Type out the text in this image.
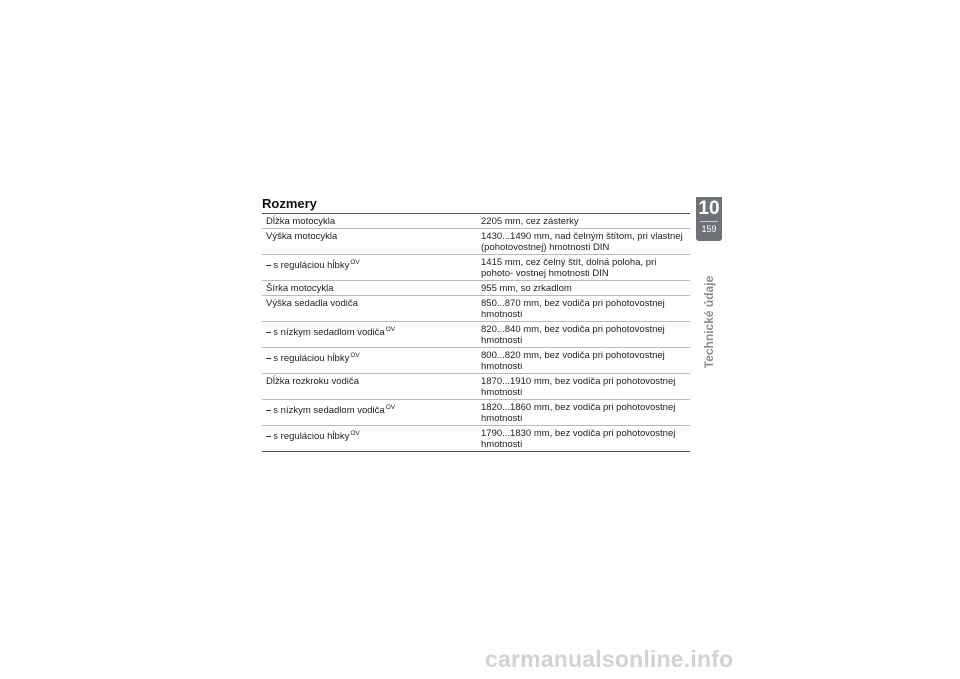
Rozmery
Dĺžka motocykla	2205 mm, cez zásterky
Výška motocykla	1430...1490 mm, nad čelným štítom, pri vlastnej (pohotovostnej) hmotnosti DIN
– s reguláciou hĺbky$^{OV}$	1415 mm, cez čelný štít, dolná poloha, pri pohoto- vostnej hmotnosti DIN
Šírka motocykla	955 mm, so zrkadlom
Výška sedadla vodiča	850...870 mm, bez vodiča pri pohotovostnej hmotnosti
– s nízkym sedadlom vodiča$^{OV}$	820...840 mm, bez vodiča pri pohotovostnej hmotnosti
– s reguláciou hĺbky$^{OV}$	800...820 mm, bez vodiča pri pohotovostnej hmotnosti
Dĺžka rozkroku vodiča	1870...1910 mm, bez vodiča pri pohotovostnej hmotnosti
– s nízkym sedadlom vodiča$^{OV}$	1820...1860 mm, bez vodiča pri pohotovostnej hmotnosti
– s reguláciou hĺbky$^{OV}$	1790...1830 mm, bez vodiča pri pohotovostnej hmotnosti
10
159
Technické údaje
carmanualsonline.info
